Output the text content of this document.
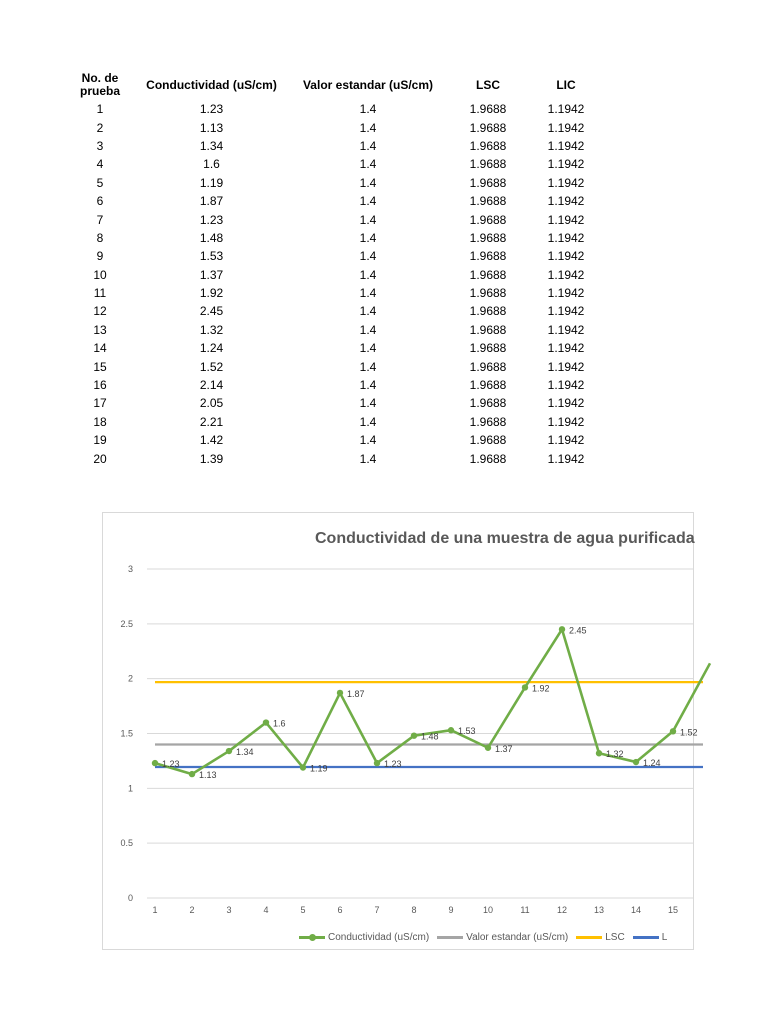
No. de prueba	Conductividad (uS/cm)	Valor estandar (uS/cm)	LSC	LIC
1	1.23	1.4	1.9688	1.1942
2	1.13	1.4	1.9688	1.1942
3	1.34	1.4	1.9688	1.1942
4	1.6	1.4	1.9688	1.1942
5	1.19	1.4	1.9688	1.1942
6	1.87	1.4	1.9688	1.1942
7	1.23	1.4	1.9688	1.1942
8	1.48	1.4	1.9688	1.1942
9	1.53	1.4	1.9688	1.1942
10	1.37	1.4	1.9688	1.1942
11	1.92	1.4	1.9688	1.1942
12	2.45	1.4	1.9688	1.1942
13	1.32	1.4	1.9688	1.1942
14	1.24	1.4	1.9688	1.1942
15	1.52	1.4	1.9688	1.1942
16	2.14	1.4	1.9688	1.1942
17	2.05	1.4	1.9688	1.1942
18	2.21	1.4	1.9688	1.1942
19	1.42	1.4	1.9688	1.1942
20	1.39	1.4	1.9688	1.1942
0
0.5
1
1.5
2
2.5
3
1	2	3	4	5	6	7	8	9	10	11	12	13	14	15
1.23
1.13
1.34
1.6
1.19
1.87
1.23
1.48
1.53
1.37
1.92
2.45
1.32
1.24
1.52
Conductividad de una muestra de agua purificada
Conductividad (uS/cm)	Valor estandar (uS/cm)	LSC	L
